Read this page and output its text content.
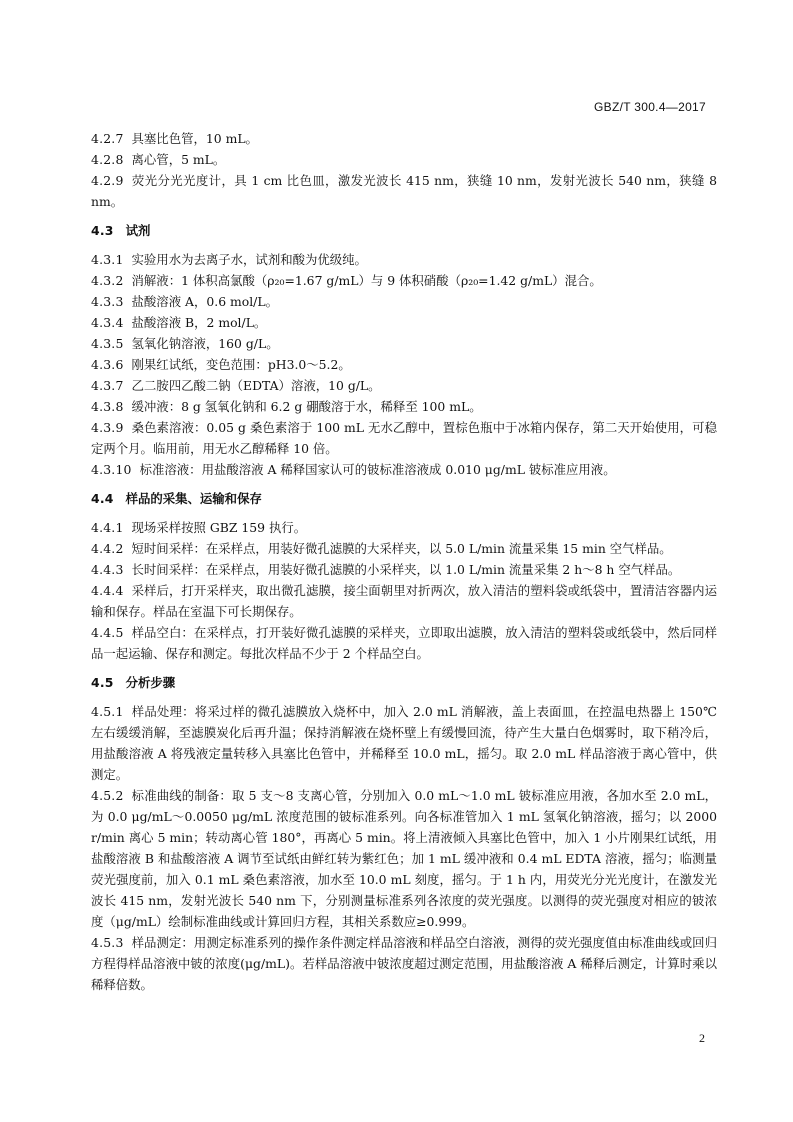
GBZ/T 300.4—2017
4.2.7 具塞比色管，10 mL。
4.2.8 离心管，5 mL。
4.2.9 荧光分光光度计，具 1 cm 比色皿，激发光波长 415 nm，狭缝 10 nm，发射光波长 540 nm，狭缝 8 nm。
4.3 试剂
4.3.1 实验用水为去离子水，试剂和酸为优级纯。
4.3.2 消解液：1 体积高氯酸（ρ₂₀=1.67 g/mL）与 9 体积硝酸（ρ₂₀=1.42 g/mL）混合。
4.3.3 盐酸溶液 A，0.6 mol/L。
4.3.4 盐酸溶液 B，2 mol/L。
4.3.5 氢氧化钠溶液，160 g/L。
4.3.6 刚果红试纸，变色范围：pH3.0～5.2。
4.3.7 乙二胺四乙酸二钠（EDTA）溶液，10 g/L。
4.3.8 缓冲液：8 g 氢氧化钠和 6.2 g 硼酸溶于水，稀释至 100 mL。
4.3.9 桑色素溶液：0.05 g 桑色素溶于 100 mL 无水乙醇中，置棕色瓶中于冰箱内保存，第二天开始使用，可稳定两个月。临用前，用无水乙醇稀释 10 倍。
4.3.10 标准溶液：用盐酸溶液 A 稀释国家认可的铍标准溶液成 0.010 μg/mL 铍标准应用液。
4.4 样品的采集、运输和保存
4.4.1 现场采样按照 GBZ 159 执行。
4.4.2 短时间采样：在采样点，用装好微孔滤膜的大采样夹，以 5.0 L/min 流量采集 15 min 空气样品。
4.4.3 长时间采样：在采样点，用装好微孔滤膜的小采样夹，以 1.0 L/min 流量采集 2 h～8 h 空气样品。
4.4.4 采样后，打开采样夹，取出微孔滤膜，接尘面朝里对折两次，放入清洁的塑料袋或纸袋中，置清洁容器内运输和保存。样品在室温下可长期保存。
4.4.5 样品空白：在采样点，打开装好微孔滤膜的采样夹，立即取出滤膜，放入清洁的塑料袋或纸袋中，然后同样品一起运输、保存和测定。每批次样品不少于 2 个样品空白。
4.5 分析步骤
4.5.1 样品处理：将采过样的微孔滤膜放入烧杯中，加入 2.0 mL 消解液，盖上表面皿，在控温电热器上 150℃左右缓缓消解，至滤膜炭化后再升温；保持消解液在烧杯壁上有缓慢回流，待产生大量白色烟雾时，取下稍冷后，用盐酸溶液 A 将残液定量转移入具塞比色管中，并稀释至 10.0 mL，摇匀。取 2.0 mL 样品溶液于离心管中，供测定。
4.5.2 标准曲线的制备：取 5 支～8 支离心管，分别加入 0.0 mL～1.0 mL 铍标准应用液，各加水至 2.0 mL，为 0.0 μg/mL～0.0050 μg/mL 浓度范围的铍标准系列。向各标准管加入 1 mL 氢氧化钠溶液，摇匀；以 2000 r/min 离心 5 min；转动离心管 180°，再离心 5 min。将上清液倾入具塞比色管中，加入 1 小片刚果红试纸，用盐酸溶液 B 和盐酸溶液 A 调节至试纸由鲜红转为紫红色；加 1 mL 缓冲液和 0.4 mL EDTA 溶液，摇匀；临测量荧光强度前，加入 0.1 mL 桑色素溶液，加水至 10.0 mL 刻度，摇匀。于 1 h 内，用荧光分光光度计，在激发光波长 415 nm，发射光波长 540 nm 下，分别测量标准系列各浓度的荧光强度。以测得的荧光强度对相应的铍浓度（μg/mL）绘制标准曲线或计算回归方程，其相关系数应≥0.999。
4.5.3 样品测定：用测定标准系列的操作条件测定样品溶液和样品空白溶液，测得的荧光强度值由标准曲线或回归方程得样品溶液中铍的浓度(μg/mL)。若样品溶液中铍浓度超过测定范围，用盐酸溶液 A 稀释后测定，计算时乘以稀释倍数。
2
